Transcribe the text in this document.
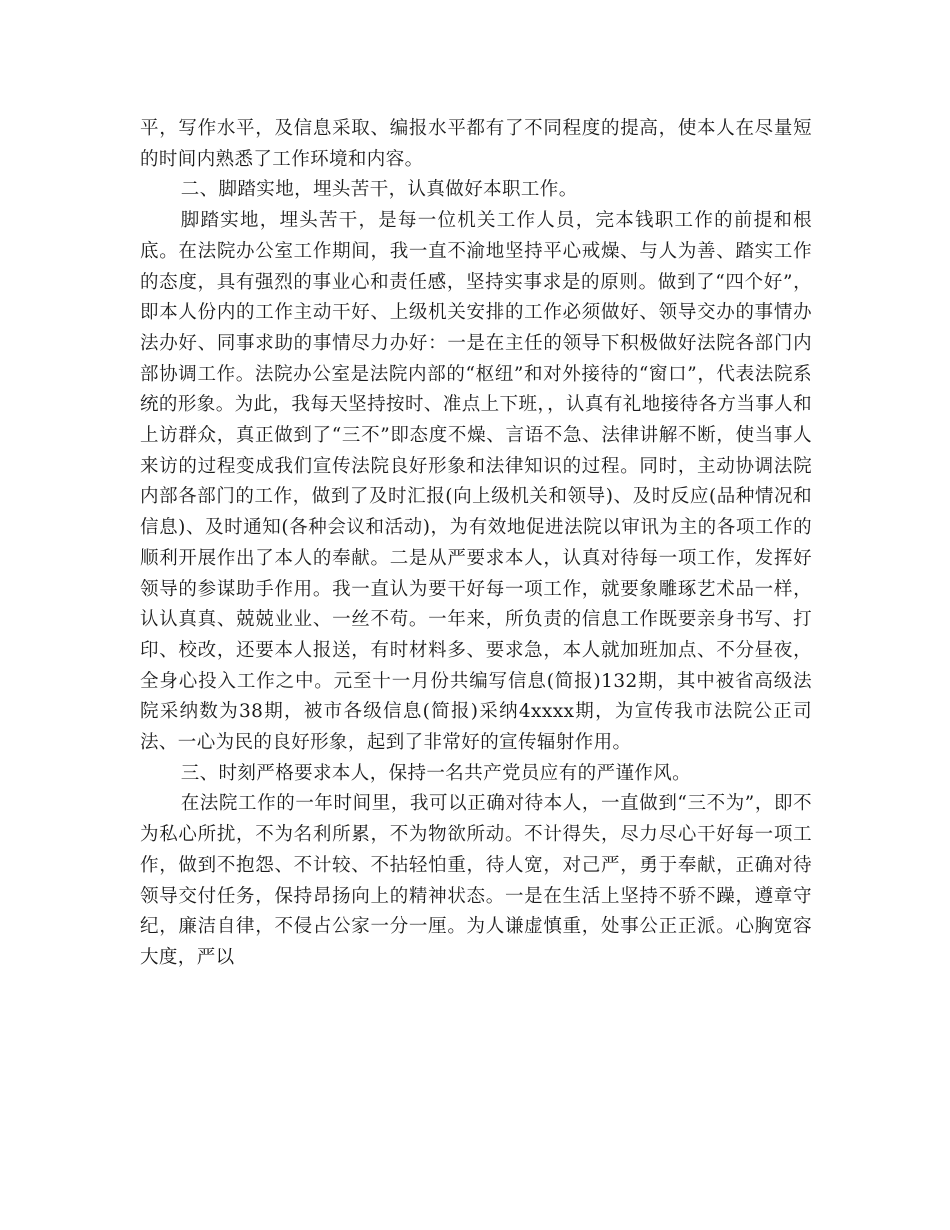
平，写作水平，及信息采取、编报水平都有了不同程度的提高，使本人在尽量短的时间内熟悉了工作环境和内容。

二、脚踏实地，埋头苦干，认真做好本职工作。

脚踏实地，埋头苦干，是每一位机关工作人员，完本钱职工作的前提和根底。在法院办公室工作期间，我一直不渝地坚持平心戒燥、与人为善、踏实工作的态度，具有强烈的事业心和责任感，坚持实事求是的原则。做到了“四个好”，即本人份内的工作主动干好、上级机关安排的工作必须做好、领导交办的事情办法办好、同事求助的事情尽力办好：一是在主任的领导下积极做好法院各部门内部协调工作。法院办公室是法院内部的“枢纽”和对外接待的“窗口”，代表法院系统的形象。为此，我每天坚持按时、准点上下班，，认真有礼地接待各方当事人和上访群众，真正做到了“三不”即态度不燥、言语不急、法律讲解不断，使当事人来访的过程变成我们宣传法院良好形象和法律知识的过程。同时，主动协调法院内部各部门的工作，做到了及时汇报(向上级机关和领导)、及时反应(品种情况和信息)、及时通知(各种会议和活动)，为有效地促进法院以审讯为主的各项工作的顺利开展作出了本人的奉献。二是从严要求本人，认真对待每一项工作，发挥好领导的参谋助手作用。我一直认为要干好每一项工作，就要象雕琢艺术品一样，认认真真、兢兢业业、一丝不苟。一年来，所负责的信息工作既要亲身书写、打印、校改，还要本人报送，有时材料多、要求急，本人就加班加点、不分昼夜，全身心投入工作之中。元至十一月份共编写信息(简报)132期，其中被省高级法院采纳数为38期，被市各级信息(简报)采纳4xxxx期，为宣传我市法院公正司法、一心为民的良好形象，起到了非常好的宣传辐射作用。

三、时刻严格要求本人，保持一名共产党员应有的严谨作风。

在法院工作的一年时间里，我可以正确对待本人，一直做到“三不为”，即不为私心所扰，不为名利所累，不为物欲所动。不计得失，尽力尽心干好每一项工作，做到不抱怨、不计较、不拈轻怕重，待人宽，对己严，勇于奉献，正确对待领导交付任务，保持昂扬向上的精神状态。一是在生活上坚持不骄不躁，遵章守纪，廉洁自律，不侵占公家一分一厘。为人谦虚慎重，处事公正正派。心胸宽容大度，严以
